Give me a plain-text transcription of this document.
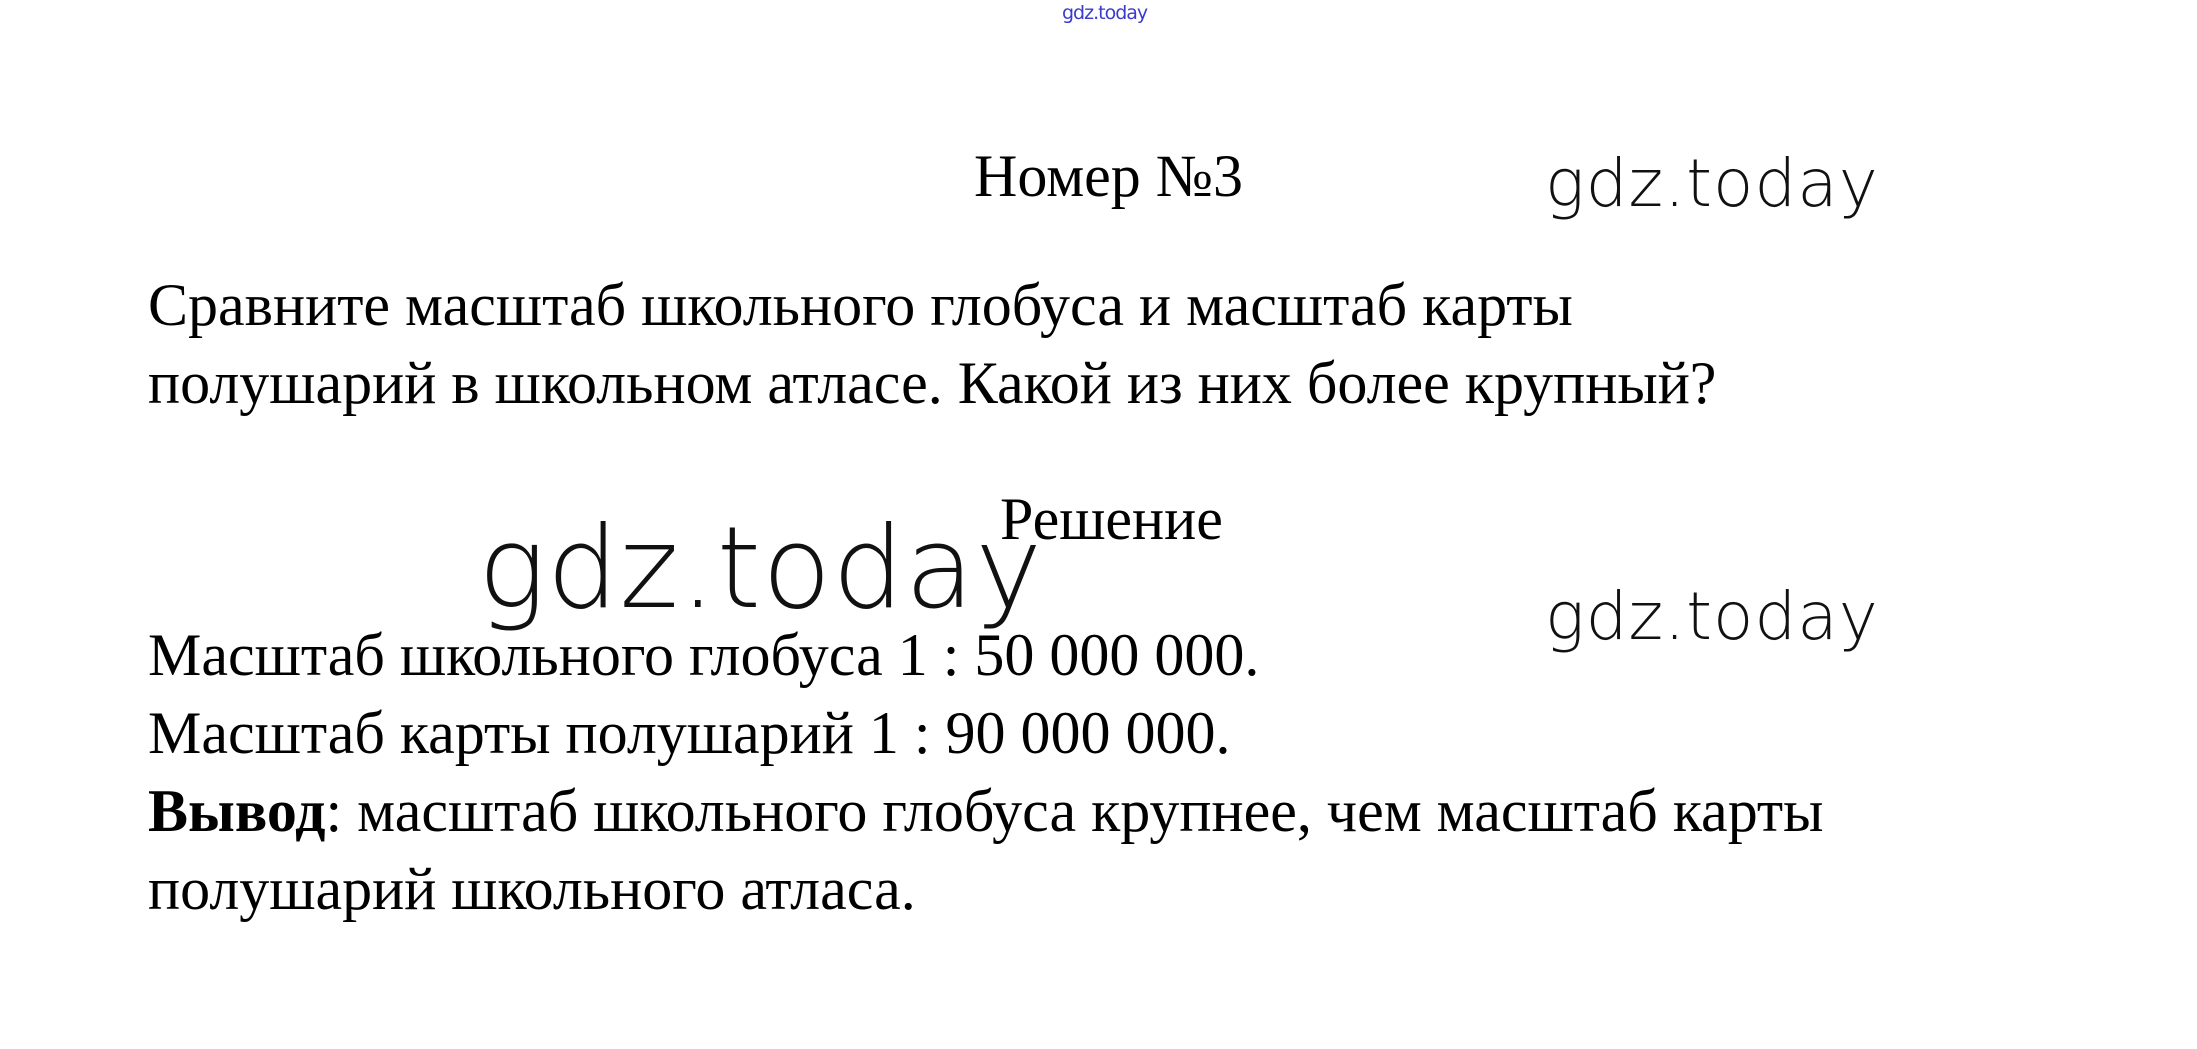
gdz.today
gdz.today
gdz.today	gdz.today
Номер №3
Сравните масштаб школьного глобуса и масштаб карты
полушарий в школьном атласе. Какой из них более крупный?
Решение
Масштаб школьного глобуса 1 : 50 000 000.
Масштаб карты полушарий 1 : 90 000 000.
Вывод: масштаб школьного глобуса крупнее, чем масштаб карты
полушарий школьного атласа.
